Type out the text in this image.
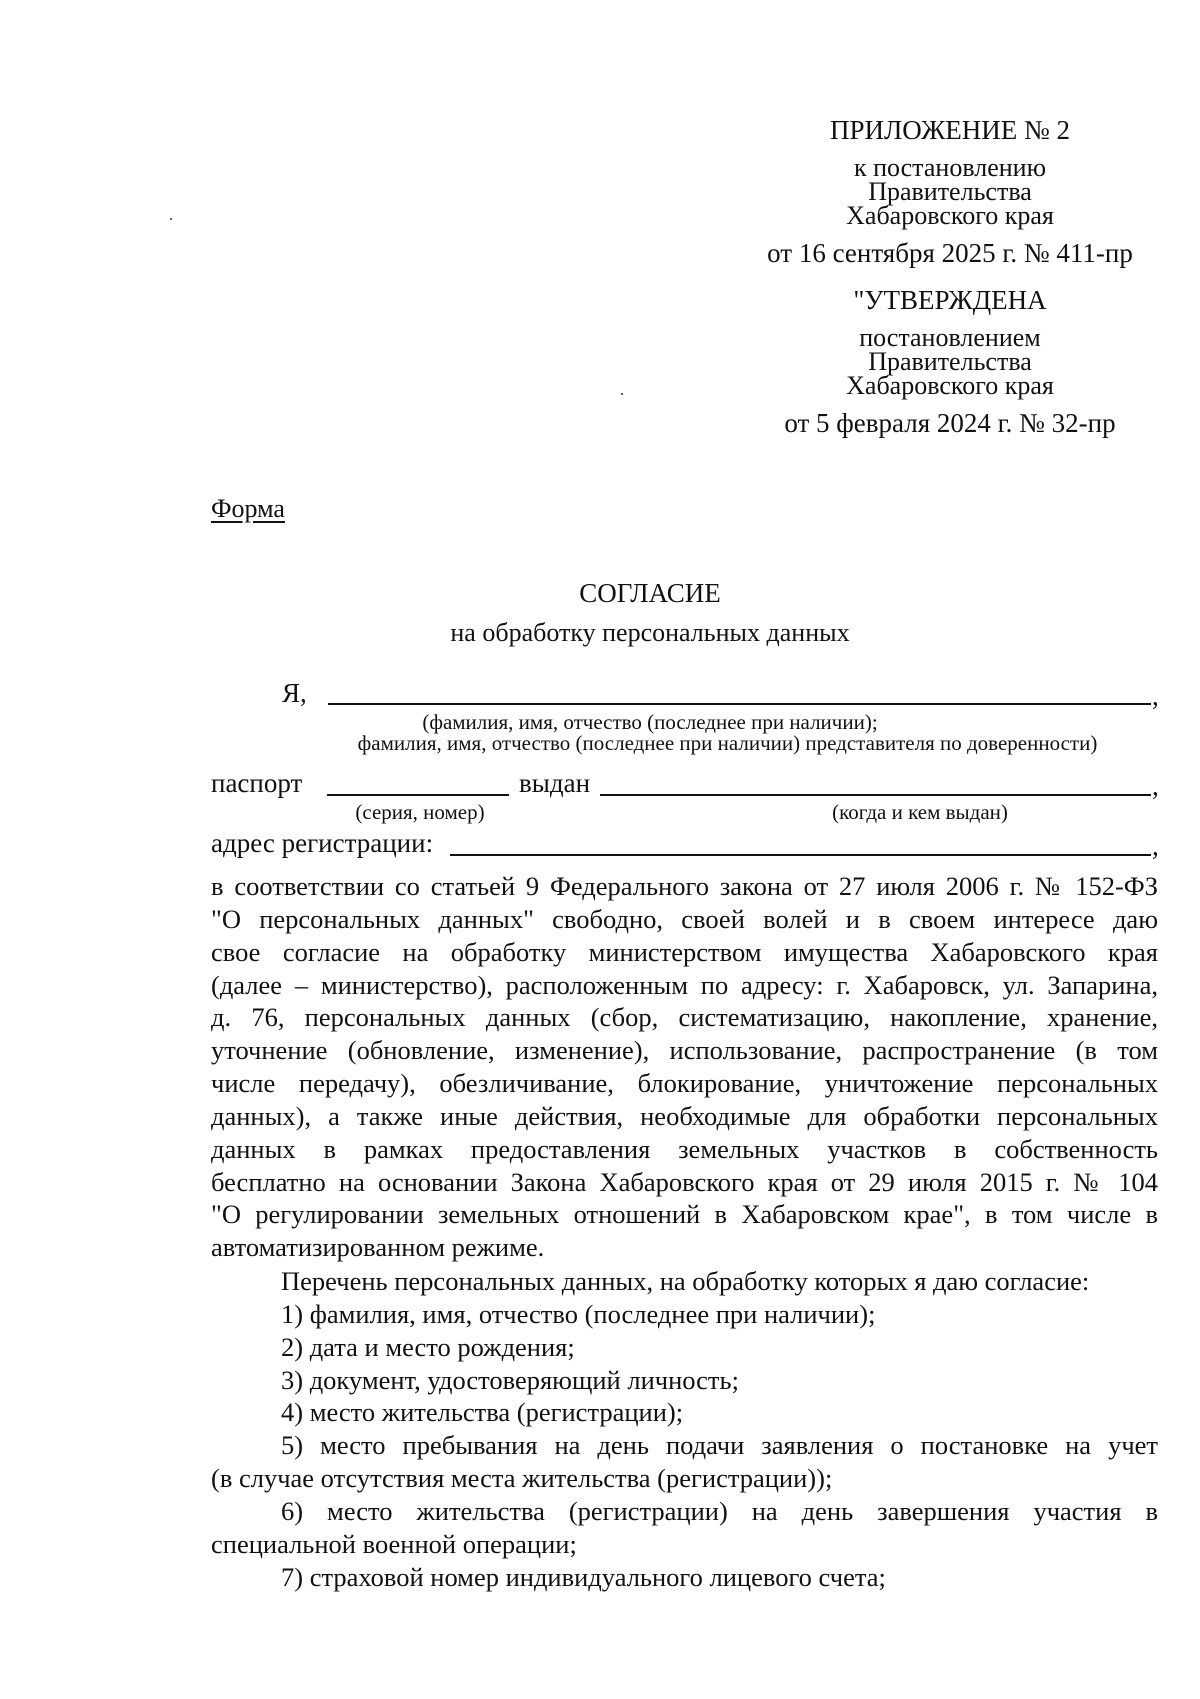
ПРИЛОЖЕНИЕ № 2
к постановлению
Правительства
Хабаровского края
от 16 сентября 2025 г. № 411-пр
"УТВЕРЖДЕНА
постановлением
Правительства
Хабаровского края
от 5 февраля 2024 г. № 32-пр
Форма
СОГЛАСИЕ
на обработку персональных данных
Я,	,
(фамилия, имя, отчество (последнее при наличии);
фамилия, имя, отчество (последнее при наличии) представителя по доверенности)
паспорт	выдан	,
(серия, номер)	(когда и кем выдан)
адрес регистрации:	,
в соответствии со статьей 9 Федерального закона от 27 июля 2006 г. № 152-ФЗ
"О персональных данных" свободно, своей волей и в своем интересе даю
свое согласие на обработку министерством имущества Хабаровского края
(далее – министерство), расположенным по адресу: г. Хабаровск, ул. Запарина,
д. 76, персональных данных (сбор, систематизацию, накопление, хранение,
уточнение (обновление, изменение), использование, распространение (в том
числе передачу), обезличивание, блокирование, уничтожение персональных
данных), а также иные действия, необходимые для обработки персональных
данных в рамках предоставления земельных участков в собственность
бесплатно на основании Закона Хабаровского края от 29 июля 2015 г. № 104
"О регулировании земельных отношений в Хабаровском крае", в том числе в
автоматизированном режиме.
Перечень персональных данных, на обработку которых я даю согласие:
1) фамилия, имя, отчество (последнее при наличии);
2) дата и место рождения;
3) документ, удостоверяющий личность;
4) место жительства (регистрации);
5) место пребывания на день подачи заявления о постановке на учет
(в случае отсутствия места жительства (регистрации));
6) место жительства (регистрации) на день завершения участия в
специальной военной операции;
7) страховой номер индивидуального лицевого счета;
